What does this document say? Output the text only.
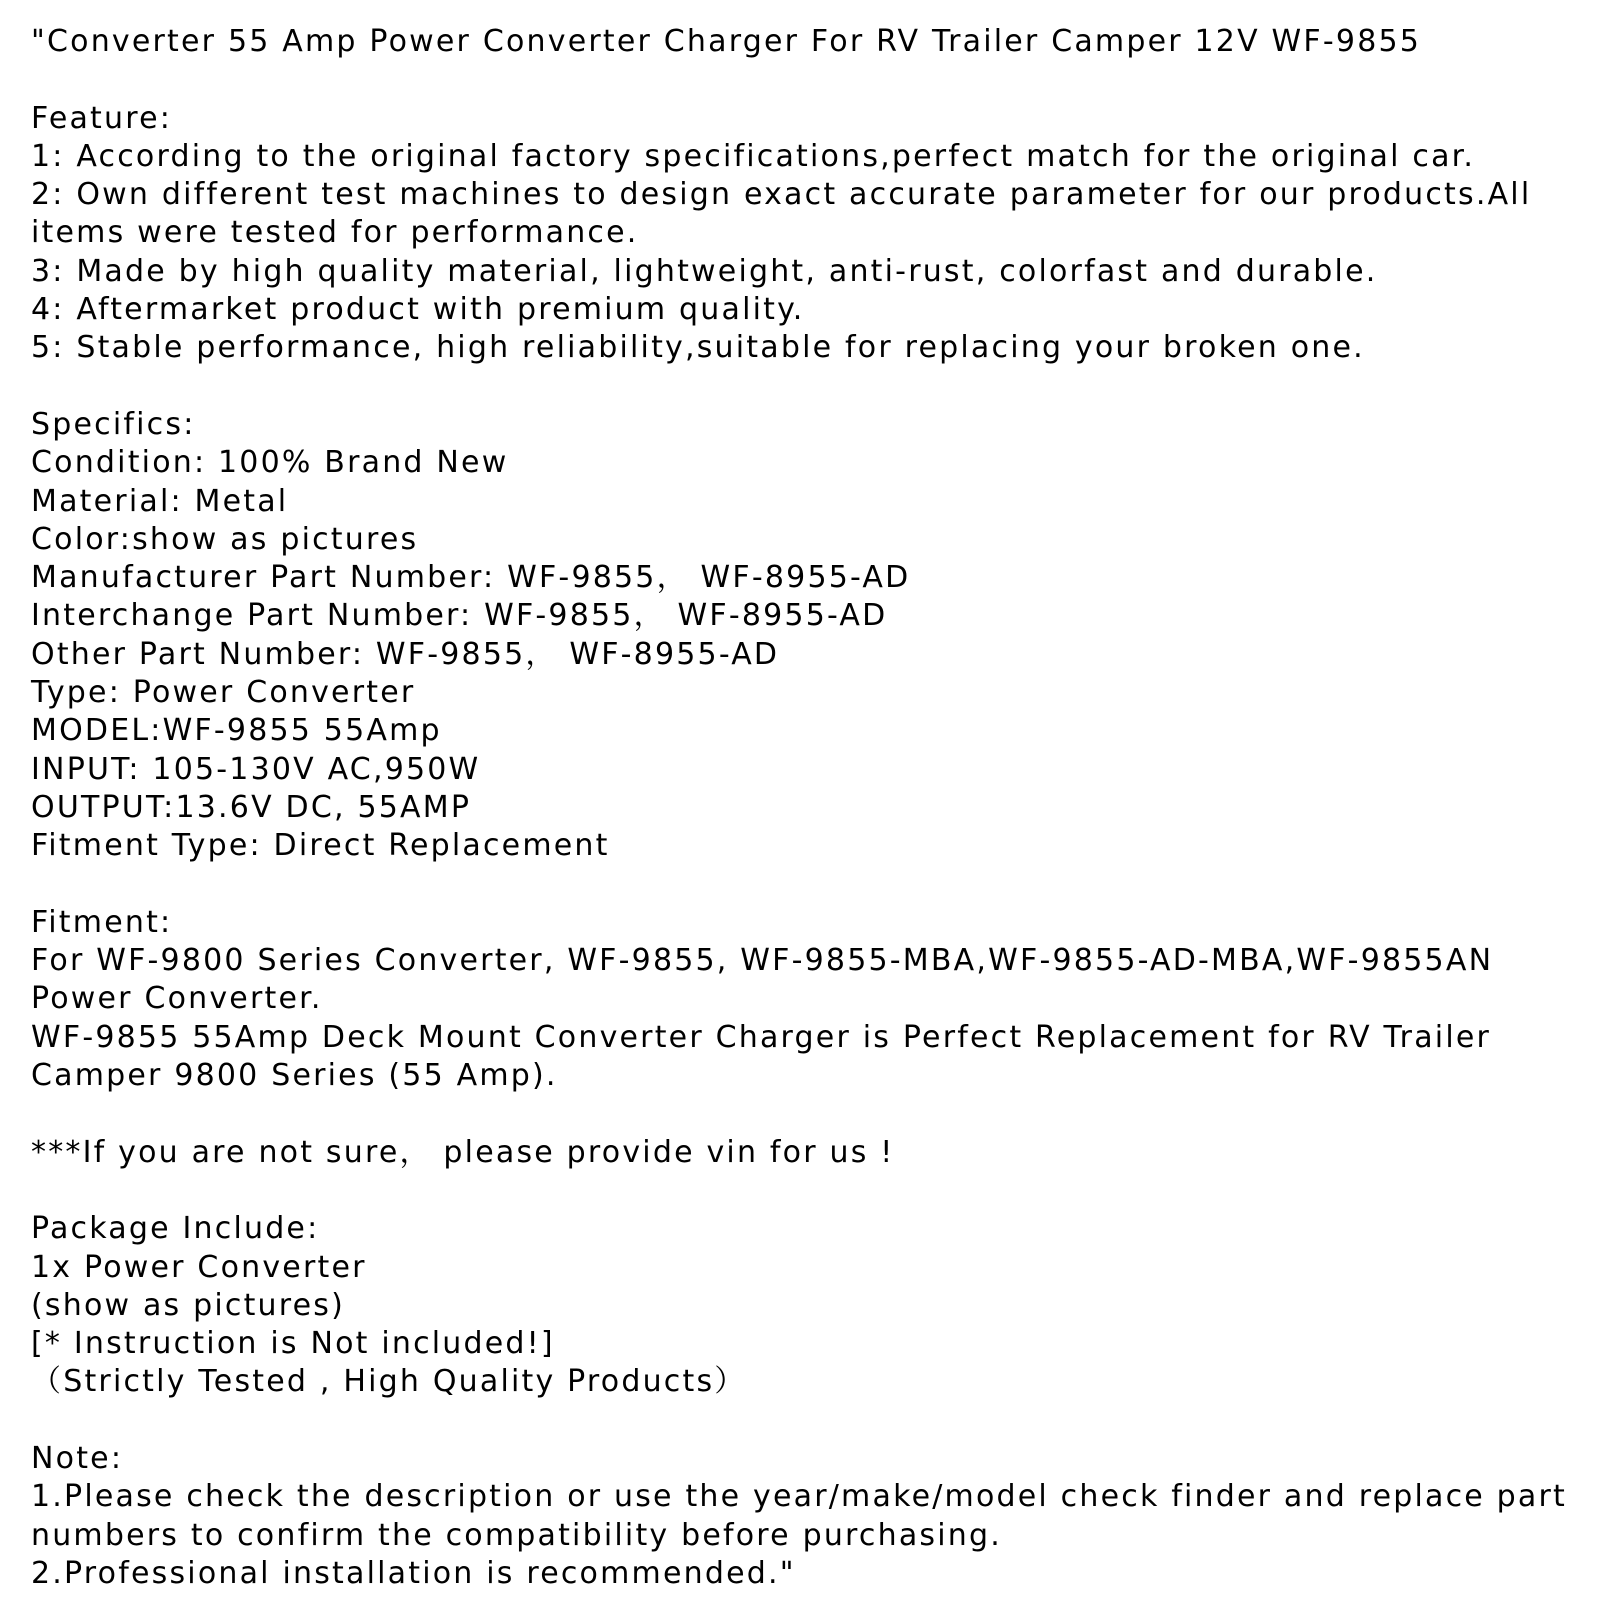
"Converter 55 Amp Power Converter Charger For RV Trailer Camper 12V WF-9855
Feature:
1: According to the original factory specifications,perfect match for the original car.
2: Own different test machines to design exact accurate parameter for our products.All
items were tested for performance.
3: Made by high quality material, lightweight, anti-rust, colorfast and durable.
4: Aftermarket product with premium quality.
5: Stable performance, high reliability,suitable for replacing your broken one.
Specifics:
Condition: 100% Brand New
Material: Metal
Color:show as pictures
Manufacturer Part Number: WF-9855， WF-8955-AD
Interchange Part Number: WF-9855， WF-8955-AD
Other Part Number: WF-9855， WF-8955-AD
Type: Power Converter
MODEL:WF-9855 55Amp
INPUT: 105-130V AC,950W
OUTPUT:13.6V DC, 55AMP
Fitment Type: Direct Replacement
Fitment:
For WF-9800 Series Converter, WF-9855, WF-9855-MBA,WF-9855-AD-MBA,WF-9855AN
Power Converter.
WF-9855 55Amp Deck Mount Converter Charger is Perfect Replacement for RV Trailer
Camper 9800 Series (55 Amp).
***If you are not sure， please provide vin for us !
Package Include:
1x Power Converter
(show as pictures)
[* Instruction is Not included!]
（Strictly Tested , High Quality Products）
Note:
1.Please check the description or use the year/make/model check finder and replace part
numbers to confirm the compatibility before purchasing.
2.Professional installation is recommended."
